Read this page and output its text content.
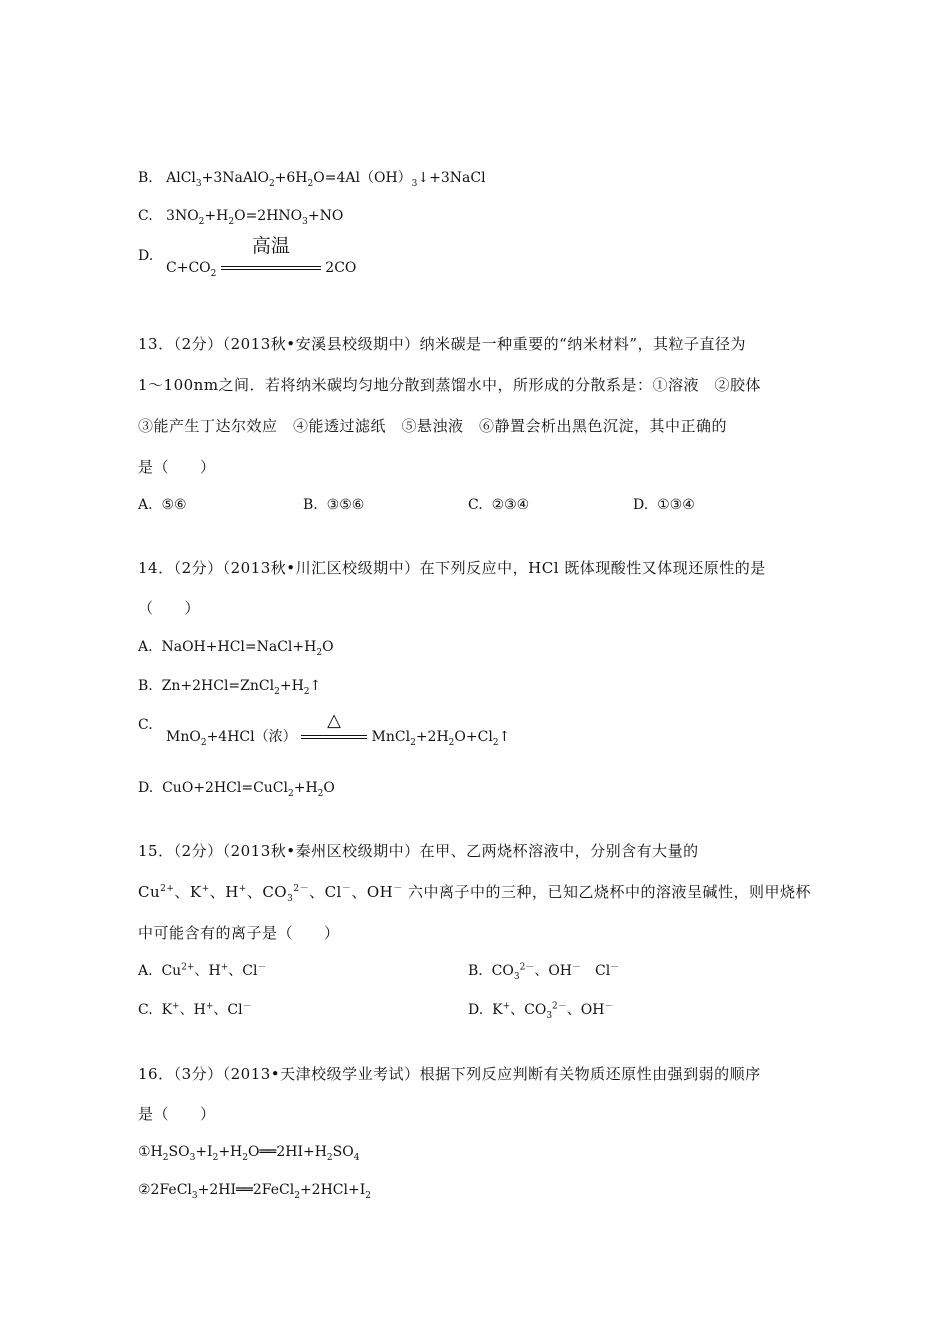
B. $AlCl_3+3NaAlO_2+6H_2O=4Al(OH)_3↓+3NaCl$
C. $3NO_2+H_2O=2HNO_3+NO$
D.
$C+CO_2$
高温
2CO
13．（2分）（2013秋•安溪县校级期中）纳米碳是一种重要的“纳米材料”，其粒子直径为
1～100nm之间．若将纳米碳均匀地分散到蒸馏水中，所形成的分散系是：①溶液　②胶体
③能产生丁达尔效应　④能透过滤纸　⑤悬浊液　⑥静置会析出黑色沉淀，其中正确的
是（　　）
A. ⑤⑥	B. ③⑤⑥	C. ②③④	D. ①③④
14．（2分）（2013秋•川汇区校级期中）在下列反应中，HCl 既体现酸性又体现还原性的是
（　　）
A. $NaOH+HCl=NaCl+H_2O$
B. $Zn+2HCl=ZnCl_2+H_2↑$
C.
MnO$_2$+4HCl（浓）
△
$MnCl_2+2H_2O+Cl_2↑$
D. $CuO+2HCl=CuCl_2+H_2O$
15．（2分）（2013秋•秦州区校级期中）在甲、乙两烧杯溶液中，分别含有大量的
$Cu^{2+}$、K+、H+、$CO_3^{2-}$、Cl－、OH－ 六中离子中的三种，已知乙烧杯中的溶液呈碱性，则甲烧杯
中可能含有的离子是（　　）
A. $Cu^{2+}$、H+、Cl－	B. $CO_3^{2-}$、OH－　Cl－
C. K+、H+、Cl－	D. K+、$CO_3^{2-}$、OH－
16．（3分）（2013•天津校级学业考试）根据下列反应判断有关物质还原性由强到弱的顺序
是（　　）
$①H_2SO_3+I_2+H_2O══2HI+H_2SO_4$
$②2FeCl_3+2HI══2FeCl_2+2HCl+I_2$
